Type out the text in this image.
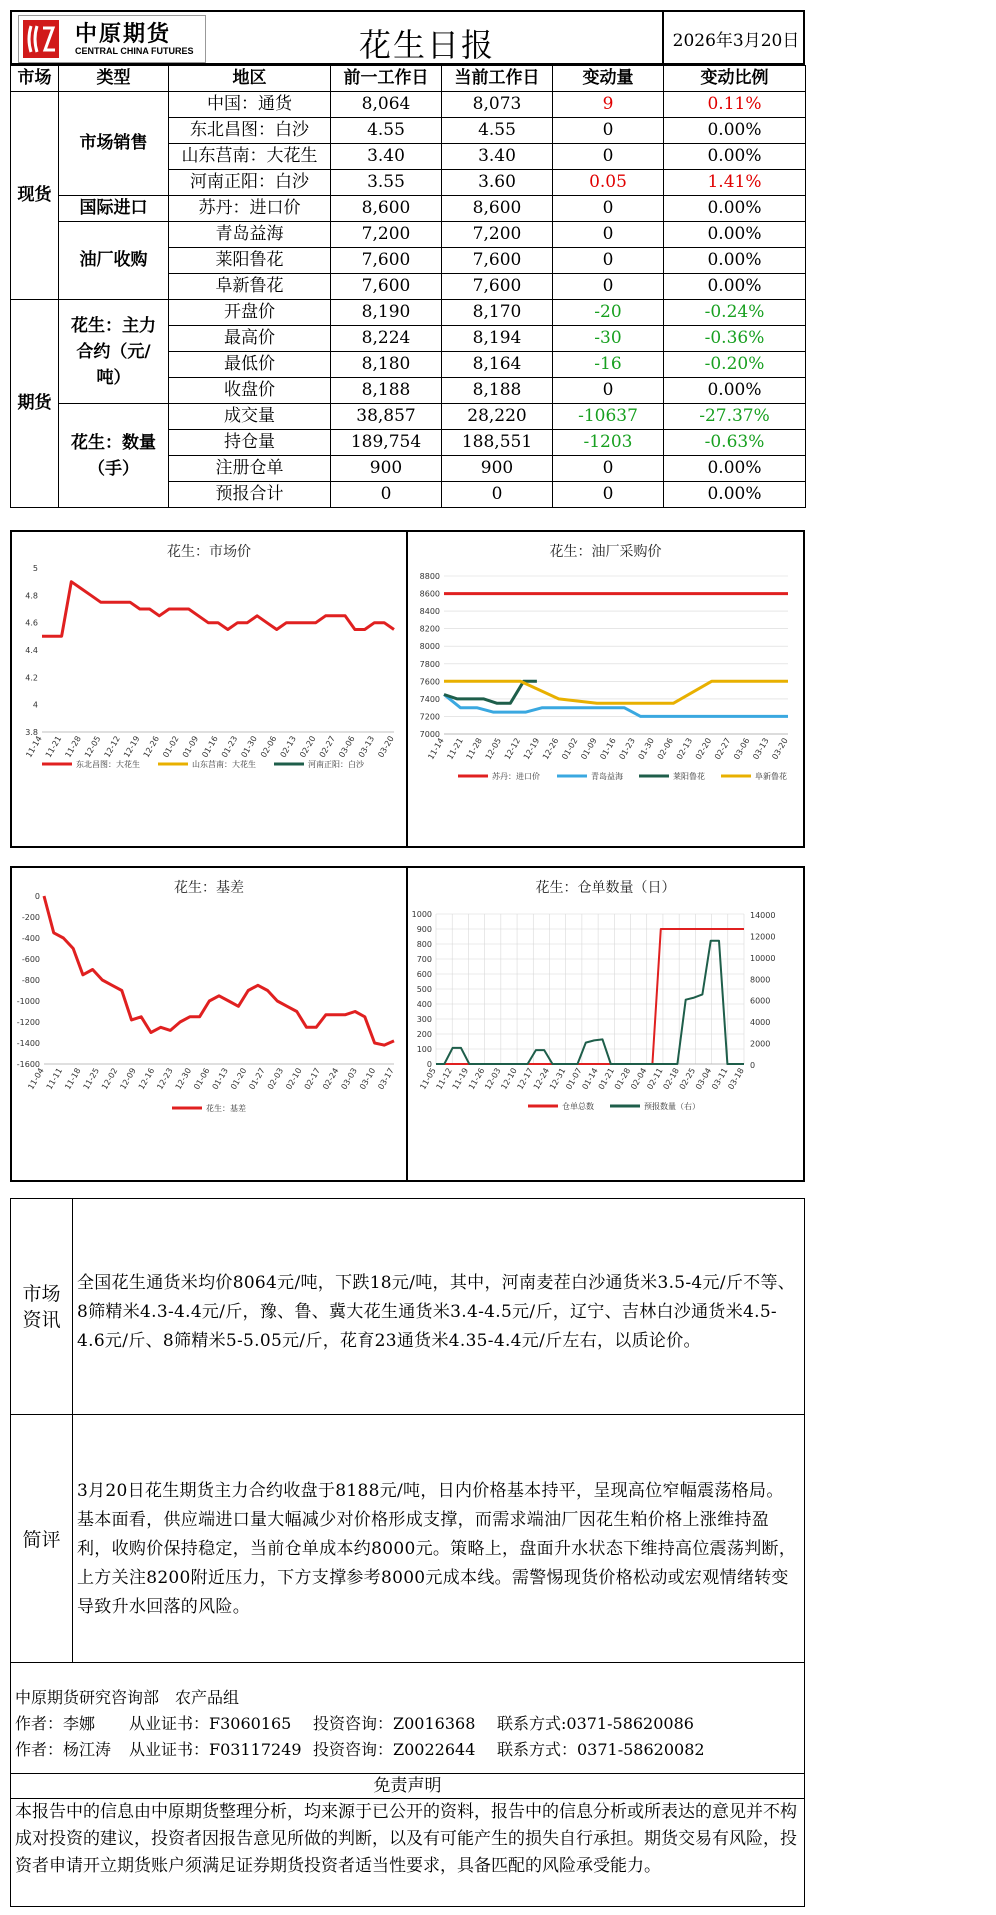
中原期货
CENTRAL CHINA FUTURES	花生日报	2026年3月20日
市场	类型	地区	前一工作日	当前工作日	变动量	变动比例
现货	市场销售	中国：通货	8,064	8,073	9	0.11%
		东北昌图：白沙	4.55	4.55	0	0.00%
		山东莒南：大花生	3.40	3.40	0	0.00%
		河南正阳：白沙	3.55	3.60	0.05	1.41%
	国际进口	苏丹：进口价	8,600	8,600	0	0.00%
	油厂收购	青岛益海	7,200	7,200	0	0.00%
		莱阳鲁花	7,600	7,600	0	0.00%
		阜新鲁花	7,600	7,600	0	0.00%
期货	花生：主力合约（元/吨）	开盘价	8,190	8,170	-20	-0.24%
		最高价	8,224	8,194	-30	-0.36%
		最低价	8,180	8,164	-16	-0.20%
		收盘价	8,188	8,188	0	0.00%
	花生：数量（手）	成交量	38,857	28,220	-10637	-27.37%
		持仓量	189,754	188,551	-1203	-0.63%
		注册仓单	900	900	0	0.00%
		预报合计	0	0	0	0.00%
花生：市场价
3.8
4
4.2
4.4
4.6
4.8
5
11-14 11-21 11-28 12-05 12-12 12-19 12-26 01-02 01-09 01-16 01-23 01-30 02-06 02-13 02-20 02-27 03-06 03-13 03-20
东北昌图：大花生	山东莒南：大花生	河南正阳：白沙
花生：油厂采购价
7000
7200
7400
7600
7800
8000
8200
8400
8600
8800
11-14 11-21 11-28 12-05 12-12 12-19 12-26 01-02 01-09 01-16 01-23 01-30 02-06 02-13 02-20 02-27 03-06 03-13 03-20
苏丹：进口价	青岛益海	莱阳鲁花	阜新鲁花
花生：基差
-1600
-1400
-1200
-1000
-800
-600
-400
-200
0
11-04 11-11 11-18 11-25 12-02 12-09 12-16 12-23 12-30 01-06 01-13 01-20 01-27 02-03 02-10 02-17 02-24 03-03 03-10 03-17
花生：基差
花生：仓单数量（日）
0
100
200
300
400
500
600
700
800
900
1000
11-05
11-12
11-19
11-26
12-03
12-10
12-17
12-24
12-31
01-07
01-14
01-21
01-28
02-04
02-11
02-18
02-25
03-04
03-11
03-18
0
2000
4000
6000
8000
10000
12000
14000
仓单总数	预报数量（右）
市场资讯
全国花生通货米均价8064元/吨，下跌18元/吨，其中，河南麦茬白沙通货米3.5-4元/斤不等、8筛精米4.3-4.4元/斤，豫、鲁、冀大花生通货米3.4-4.5元/斤，辽宁、吉林白沙通货米4.5-4.6元/斤、8筛精米5-5.05元/斤，花育23通货米4.35-4.4元/斤左右，以质论价。
简评
3月20日花生期货主力合约收盘于8188元/吨，日内价格基本持平，呈现高位窄幅震荡格局。基本面看，供应端进口量大幅减少对价格形成支撑，而需求端油厂因花生粕价格上涨维持盈利，收购价保持稳定，当前仓单成本约8000元。策略上，盘面升水状态下维持高位震荡判断，上方关注8200附近压力，下方支撑参考8000元成本线。需警惕现货价格松动或宏观情绪转变导致升水回落的风险。
中原期货研究咨询部　农产品组
作者：李娜 从业证书：F3060165 投资咨询：Z0016368 联系方式:0371-58620086
作者：杨江涛 从业证书：F03117249 投资咨询：Z0022644 联系方式：0371-58620082
免责声明
本报告中的信息由中原期货整理分析，均来源于已公开的资料，报告中的信息分析或所表达的意见并不构成对投资的建议，投资者因报告意见所做的判断，以及有可能产生的损失自行承担。期货交易有风险，投资者申请开立期货账户须满足证券期货投资者适当性要求，具备匹配的风险承受能力。
